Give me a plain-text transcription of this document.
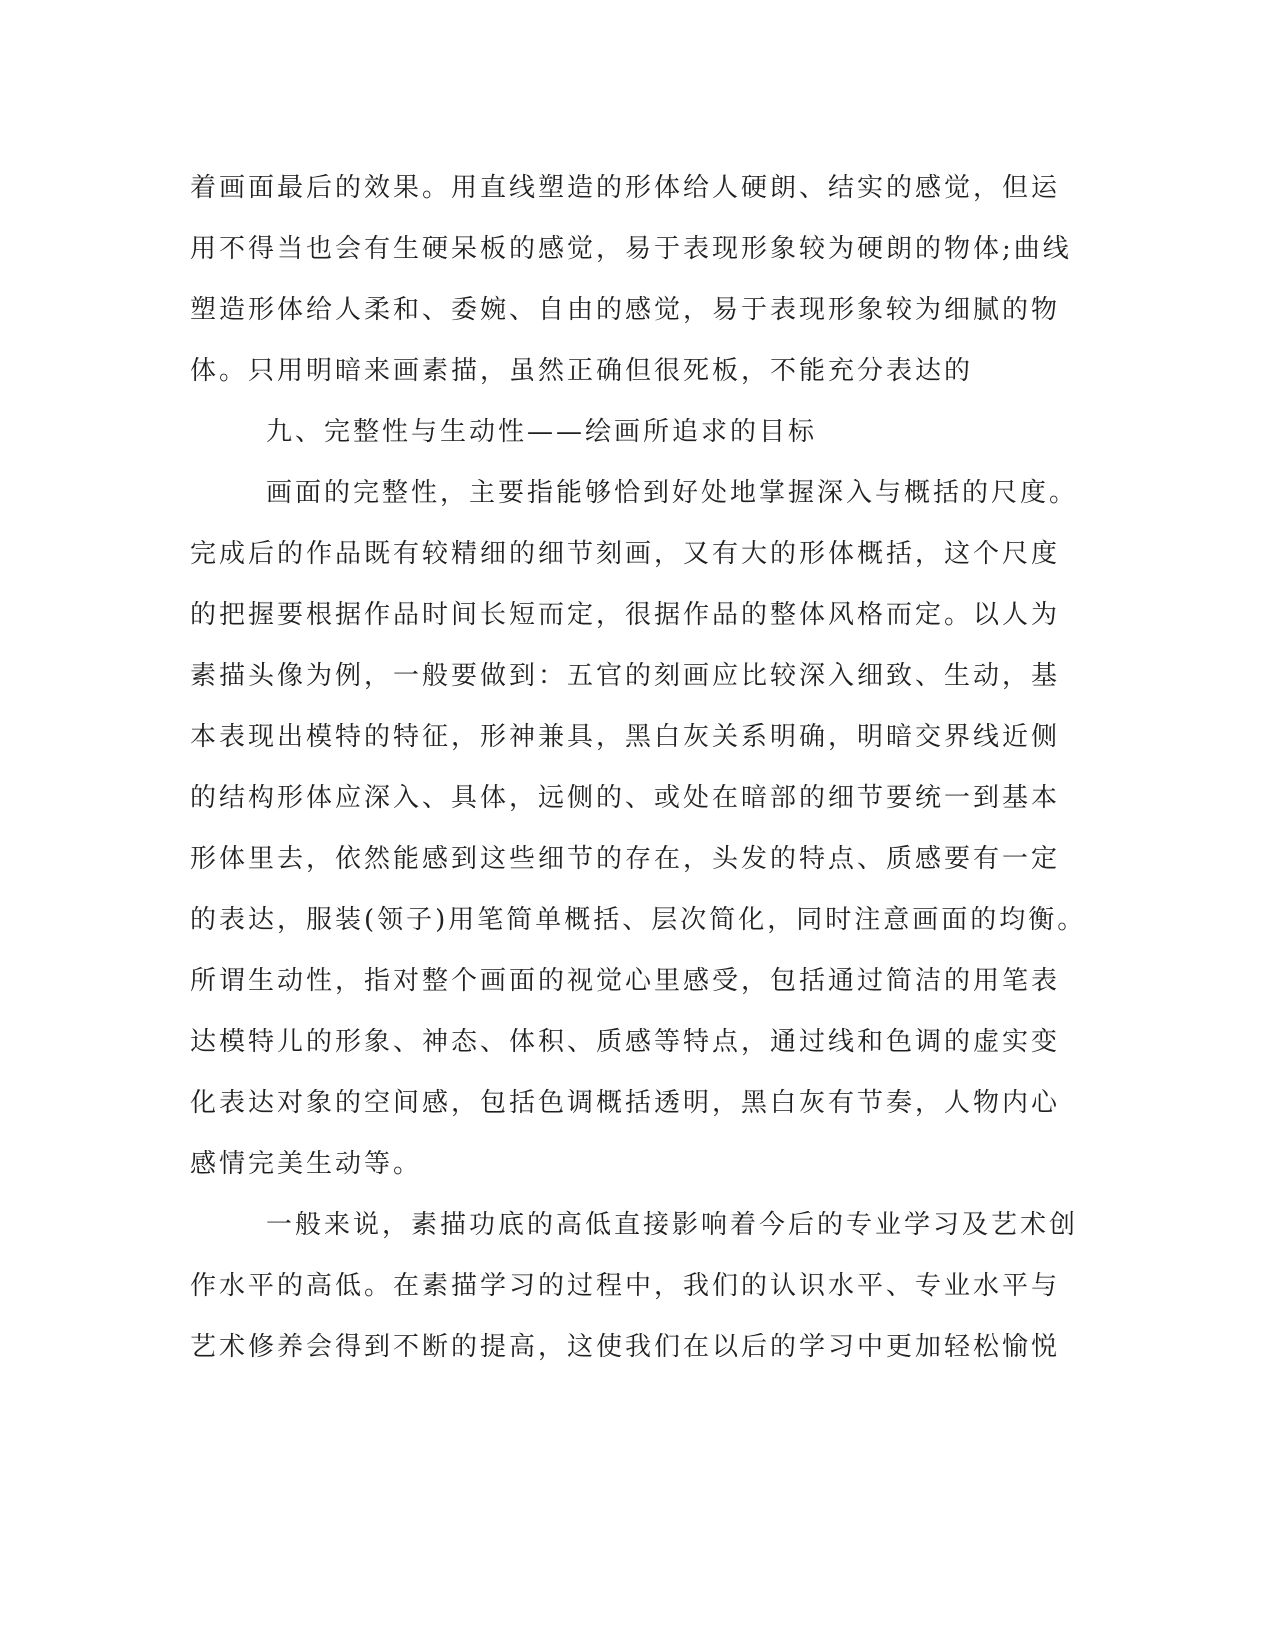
着画面最后的效果。用直线塑造的形体给人硬朗、结实的感觉，但运
用不得当也会有生硬呆板的感觉，易于表现形象较为硬朗的物体;曲线
塑造形体给人柔和、委婉、自由的感觉，易于表现形象较为细腻的物
体。只用明暗来画素描，虽然正确但很死板，不能充分表达的
九、完整性与生动性——绘画所追求的目标
画面的完整性，主要指能够恰到好处地掌握深入与概括的尺度。
完成后的作品既有较精细的细节刻画，又有大的形体概括，这个尺度
的把握要根据作品时间长短而定，很据作品的整体风格而定。以人为
素描头像为例，一般要做到：五官的刻画应比较深入细致、生动，基
本表现出模特的特征，形神兼具，黑白灰关系明确，明暗交界线近侧
的结构形体应深入、具体，远侧的、或处在暗部的细节要统一到基本
形体里去，依然能感到这些细节的存在，头发的特点、质感要有一定
的表达，服装(领子)用笔简单概括、层次简化，同时注意画面的均衡。
所谓生动性，指对整个画面的视觉心里感受，包括通过简洁的用笔表
达模特儿的形象、神态、体积、质感等特点，通过线和色调的虚实变
化表达对象的空间感，包括色调概括透明，黑白灰有节奏，人物内心
感情完美生动等。
一般来说，素描功底的高低直接影响着今后的专业学习及艺术创
作水平的高低。在素描学习的过程中，我们的认识水平、专业水平与
艺术修养会得到不断的提高，这使我们在以后的学习中更加轻松愉悦
